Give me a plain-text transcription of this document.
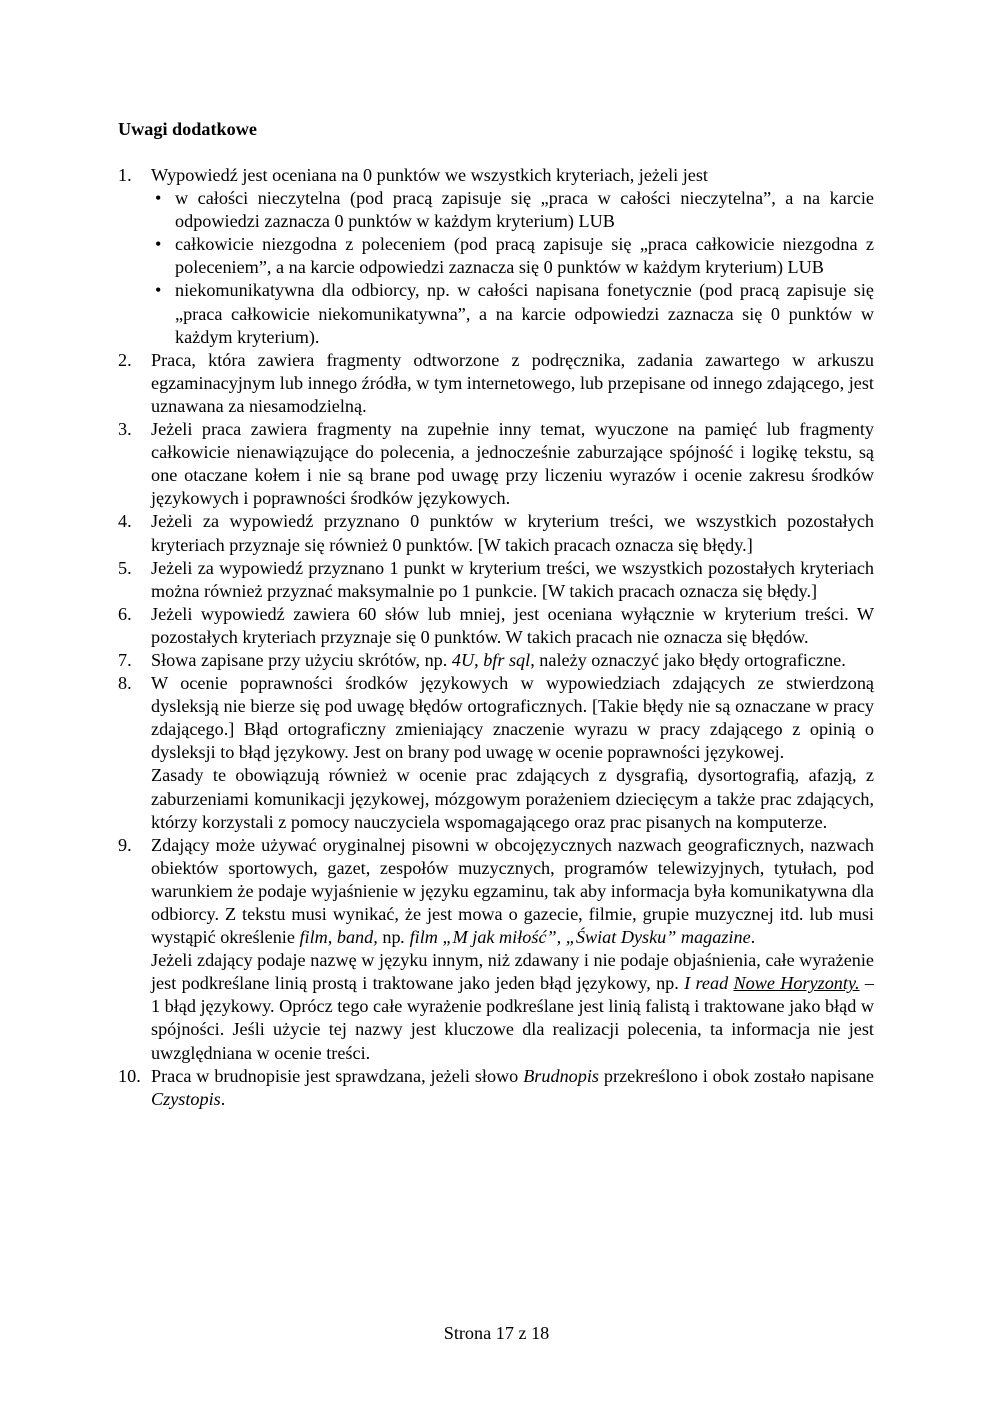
Uwagi dodatkowe
1.	Wypowiedź jest oceniana na 0 punktów we wszystkich kryteriach, jeżeli jest
• w całości nieczytelna (pod pracą zapisuje się „praca w całości nieczytelna”, a na karcie odpowiedzi zaznacza 0 punktów w każdym kryterium) LUB
• całkowicie niezgodna z poleceniem (pod pracą zapisuje się „praca całkowicie niezgodna z poleceniem”, a na karcie odpowiedzi zaznacza się 0 punktów w każdym kryterium) LUB
• niekomunikatywna dla odbiorcy, np. w całości napisana fonetycznie (pod pracą zapisuje się „praca całkowicie niekomunikatywna”, a na karcie odpowiedzi zaznacza się 0 punktów w każdym kryterium).
2.	Praca, która zawiera fragmenty odtworzone z podręcznika, zadania zawartego w arkuszu egzaminacyjnym lub innego źródła, w tym internetowego, lub przepisane od innego zdającego, jest uznawana za niesamodzielną.
3.	Jeżeli praca zawiera fragmenty na zupełnie inny temat, wyuczone na pamięć lub fragmenty całkowicie nienawiązujące do polecenia, a jednocześnie zaburzające spójność i logikę tekstu, są one otaczane kołem i nie są brane pod uwagę przy liczeniu wyrazów i ocenie zakresu środków językowych i poprawności środków językowych.
4.	Jeżeli za wypowiedź przyznano 0 punktów w kryterium treści, we wszystkich pozostałych kryteriach przyznaje się również 0 punktów. [W takich pracach oznacza się błędy.]
5.	Jeżeli za wypowiedź przyznano 1 punkt w kryterium treści, we wszystkich pozostałych kryteriach można również przyznać maksymalnie po 1 punkcie. [W takich pracach oznacza się błędy.]
6.	Jeżeli wypowiedź zawiera 60 słów lub mniej, jest oceniana wyłącznie w kryterium treści. W pozostałych kryteriach przyznaje się 0 punktów. W takich pracach nie oznacza się błędów.
7.	Słowa zapisane przy użyciu skrótów, np. 4U, bfr sql, należy oznaczyć jako błędy ortograficzne.
8.	W ocenie poprawności środków językowych w wypowiedziach zdających ze stwierdzoną dysleksją nie bierze się pod uwagę błędów ortograficznych. [Takie błędy nie są oznaczane w pracy zdającego.] Błąd ortograficzny zmieniający znaczenie wyrazu w pracy zdającego z opinią o dysleksji to błąd językowy. Jest on brany pod uwagę w ocenie poprawności językowej.
Zasady te obowiązują również w ocenie prac zdających z dysgrafią, dysortografią, afazją, z zaburzeniami komunikacji językowej, mózgowym porażeniem dziecięcym a także prac zdających, którzy korzystali z pomocy nauczyciela wspomagającego oraz prac pisanych na komputerze.
9.	Zdający może używać oryginalnej pisowni w obcojęzycznych nazwach geograficznych, nazwach obiektów sportowych, gazet, zespołów muzycznych, programów telewizyjnych, tytułach, pod warunkiem że podaje wyjaśnienie w języku egzaminu, tak aby informacja była komunikatywna dla odbiorcy. Z tekstu musi wynikać, że jest mowa o gazecie, filmie, grupie muzycznej itd. lub musi wystąpić określenie film, band, np. film „M jak miłość”, „Świat Dysku” magazine.
Jeżeli zdający podaje nazwę w języku innym, niż zdawany i nie podaje objaśnienia, całe wyrażenie jest podkreślane linią prostą i traktowane jako jeden błąd językowy, np. I read Nowe Horyzonty. – 1 błąd językowy. Oprócz tego całe wyrażenie podkreślane jest linią falistą i traktowane jako błąd w spójności. Jeśli użycie tej nazwy jest kluczowe dla realizacji polecenia, ta informacja nie jest uwzględniana w ocenie treści.
10. Praca w brudnopisie jest sprawdzana, jeżeli słowo Brudnopis przekreślono i obok zostało napisane Czystopis.
Strona 17 z 18
